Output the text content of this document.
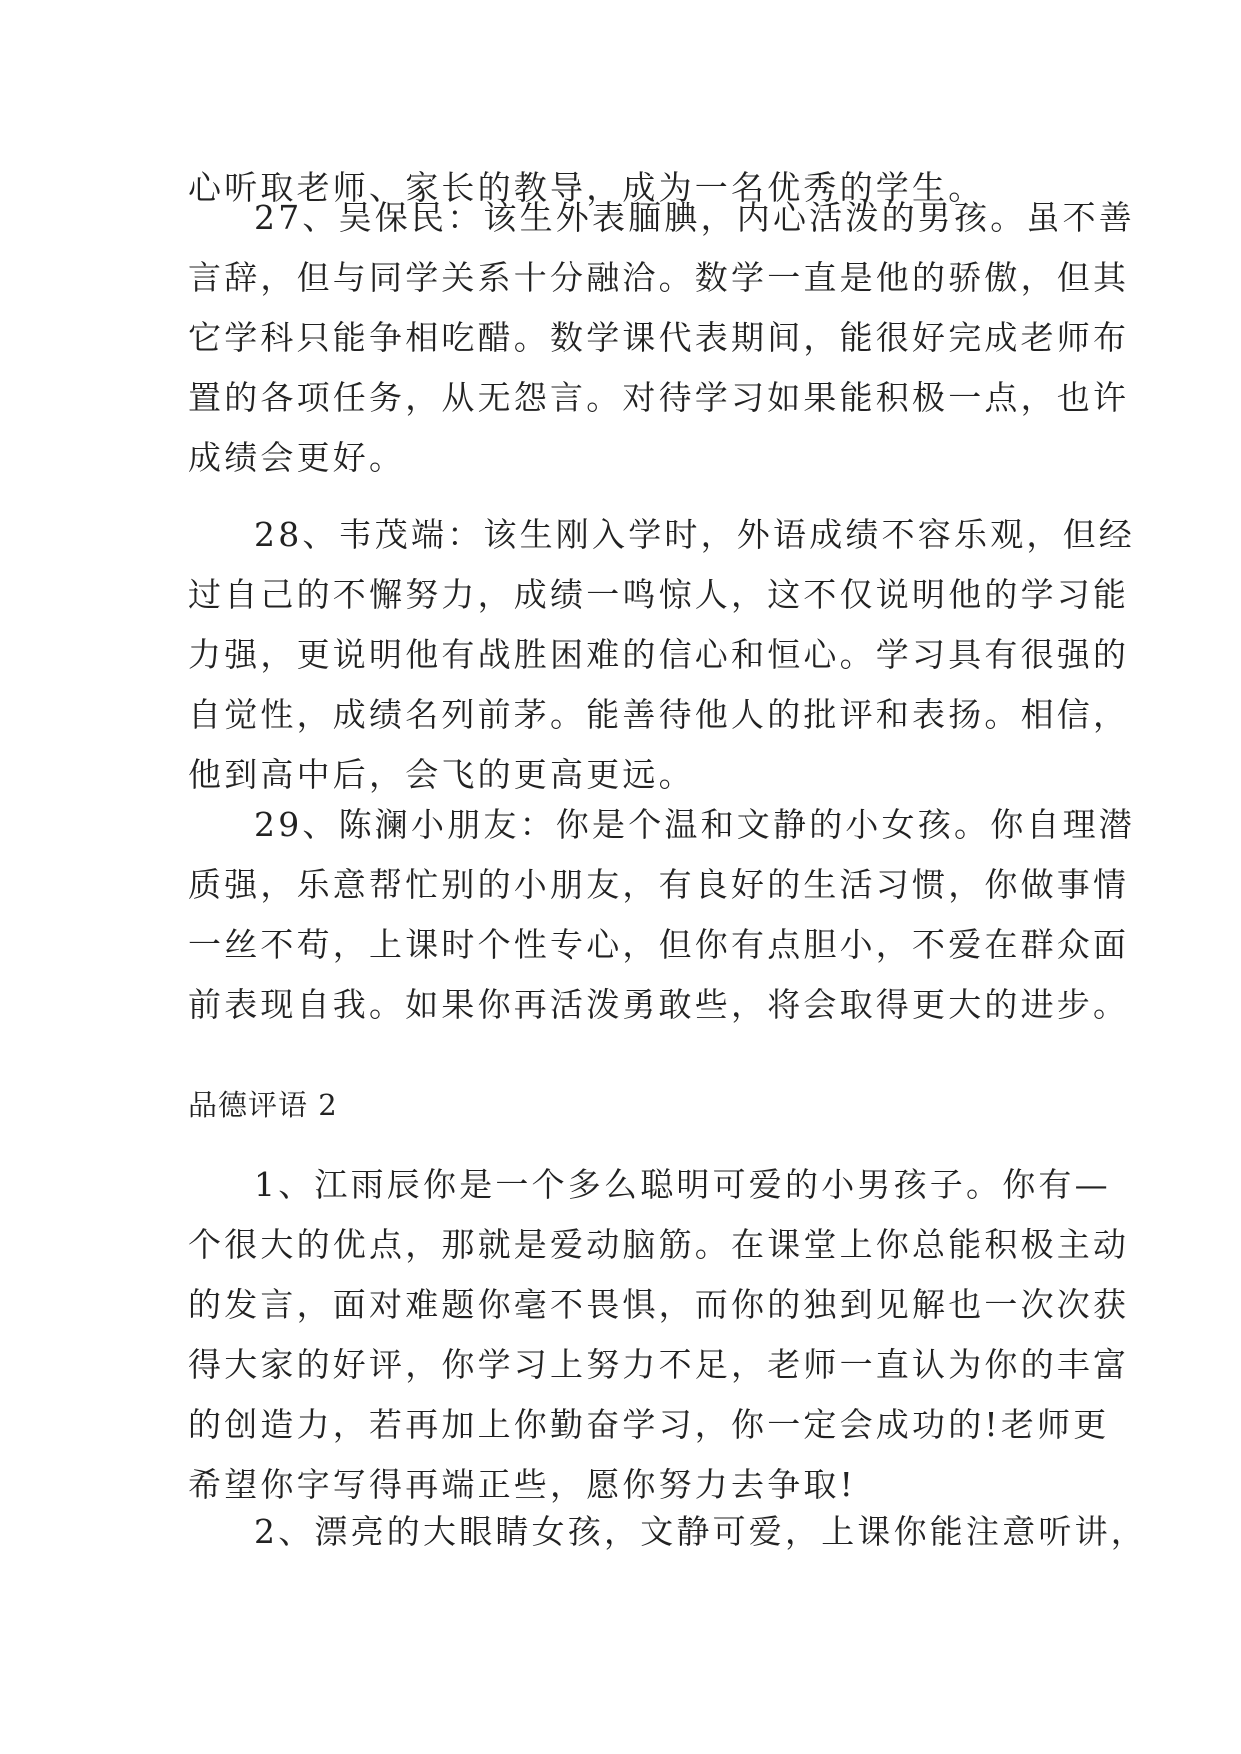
心听取老师、家长的教导，成为一名优秀的学生。
27、吴保民：该生外表腼腆，内心活泼的男孩。虽不善
言辞，但与同学关系十分融洽。数学一直是他的骄傲，但其
它学科只能争相吃醋。数学课代表期间，能很好完成老师布
置的各项任务，从无怨言。对待学习如果能积极一点，也许
成绩会更好。
28、韦茂端：该生刚入学时，外语成绩不容乐观，但经
过自己的不懈努力，成绩一鸣惊人，这不仅说明他的学习能
力强，更说明他有战胜困难的信心和恒心。学习具有很强的
自觉性，成绩名列前茅。能善待他人的批评和表扬。相信，
他到高中后，会飞的更高更远。
29、陈澜小朋友：你是个温和文静的小女孩。你自理潜
质强，乐意帮忙别的小朋友，有良好的生活习惯，你做事情
一丝不苟，上课时个性专心，但你有点胆小，不爱在群众面
前表现自我。如果你再活泼勇敢些，将会取得更大的进步。
品德评语 2
1、江雨辰你是一个多么聪明可爱的小男孩子。你有—
个很大的优点，那就是爱动脑筋。在课堂上你总能积极主动
的发言，面对难题你毫不畏惧，而你的独到见解也一次次获
得大家的好评，你学习上努力不足，老师一直认为你的丰富
的创造力，若再加上你勤奋学习，你一定会成功的!老师更
希望你字写得再端正些，愿你努力去争取!
2、漂亮的大眼睛女孩，文静可爱，上课你能注意听讲，
